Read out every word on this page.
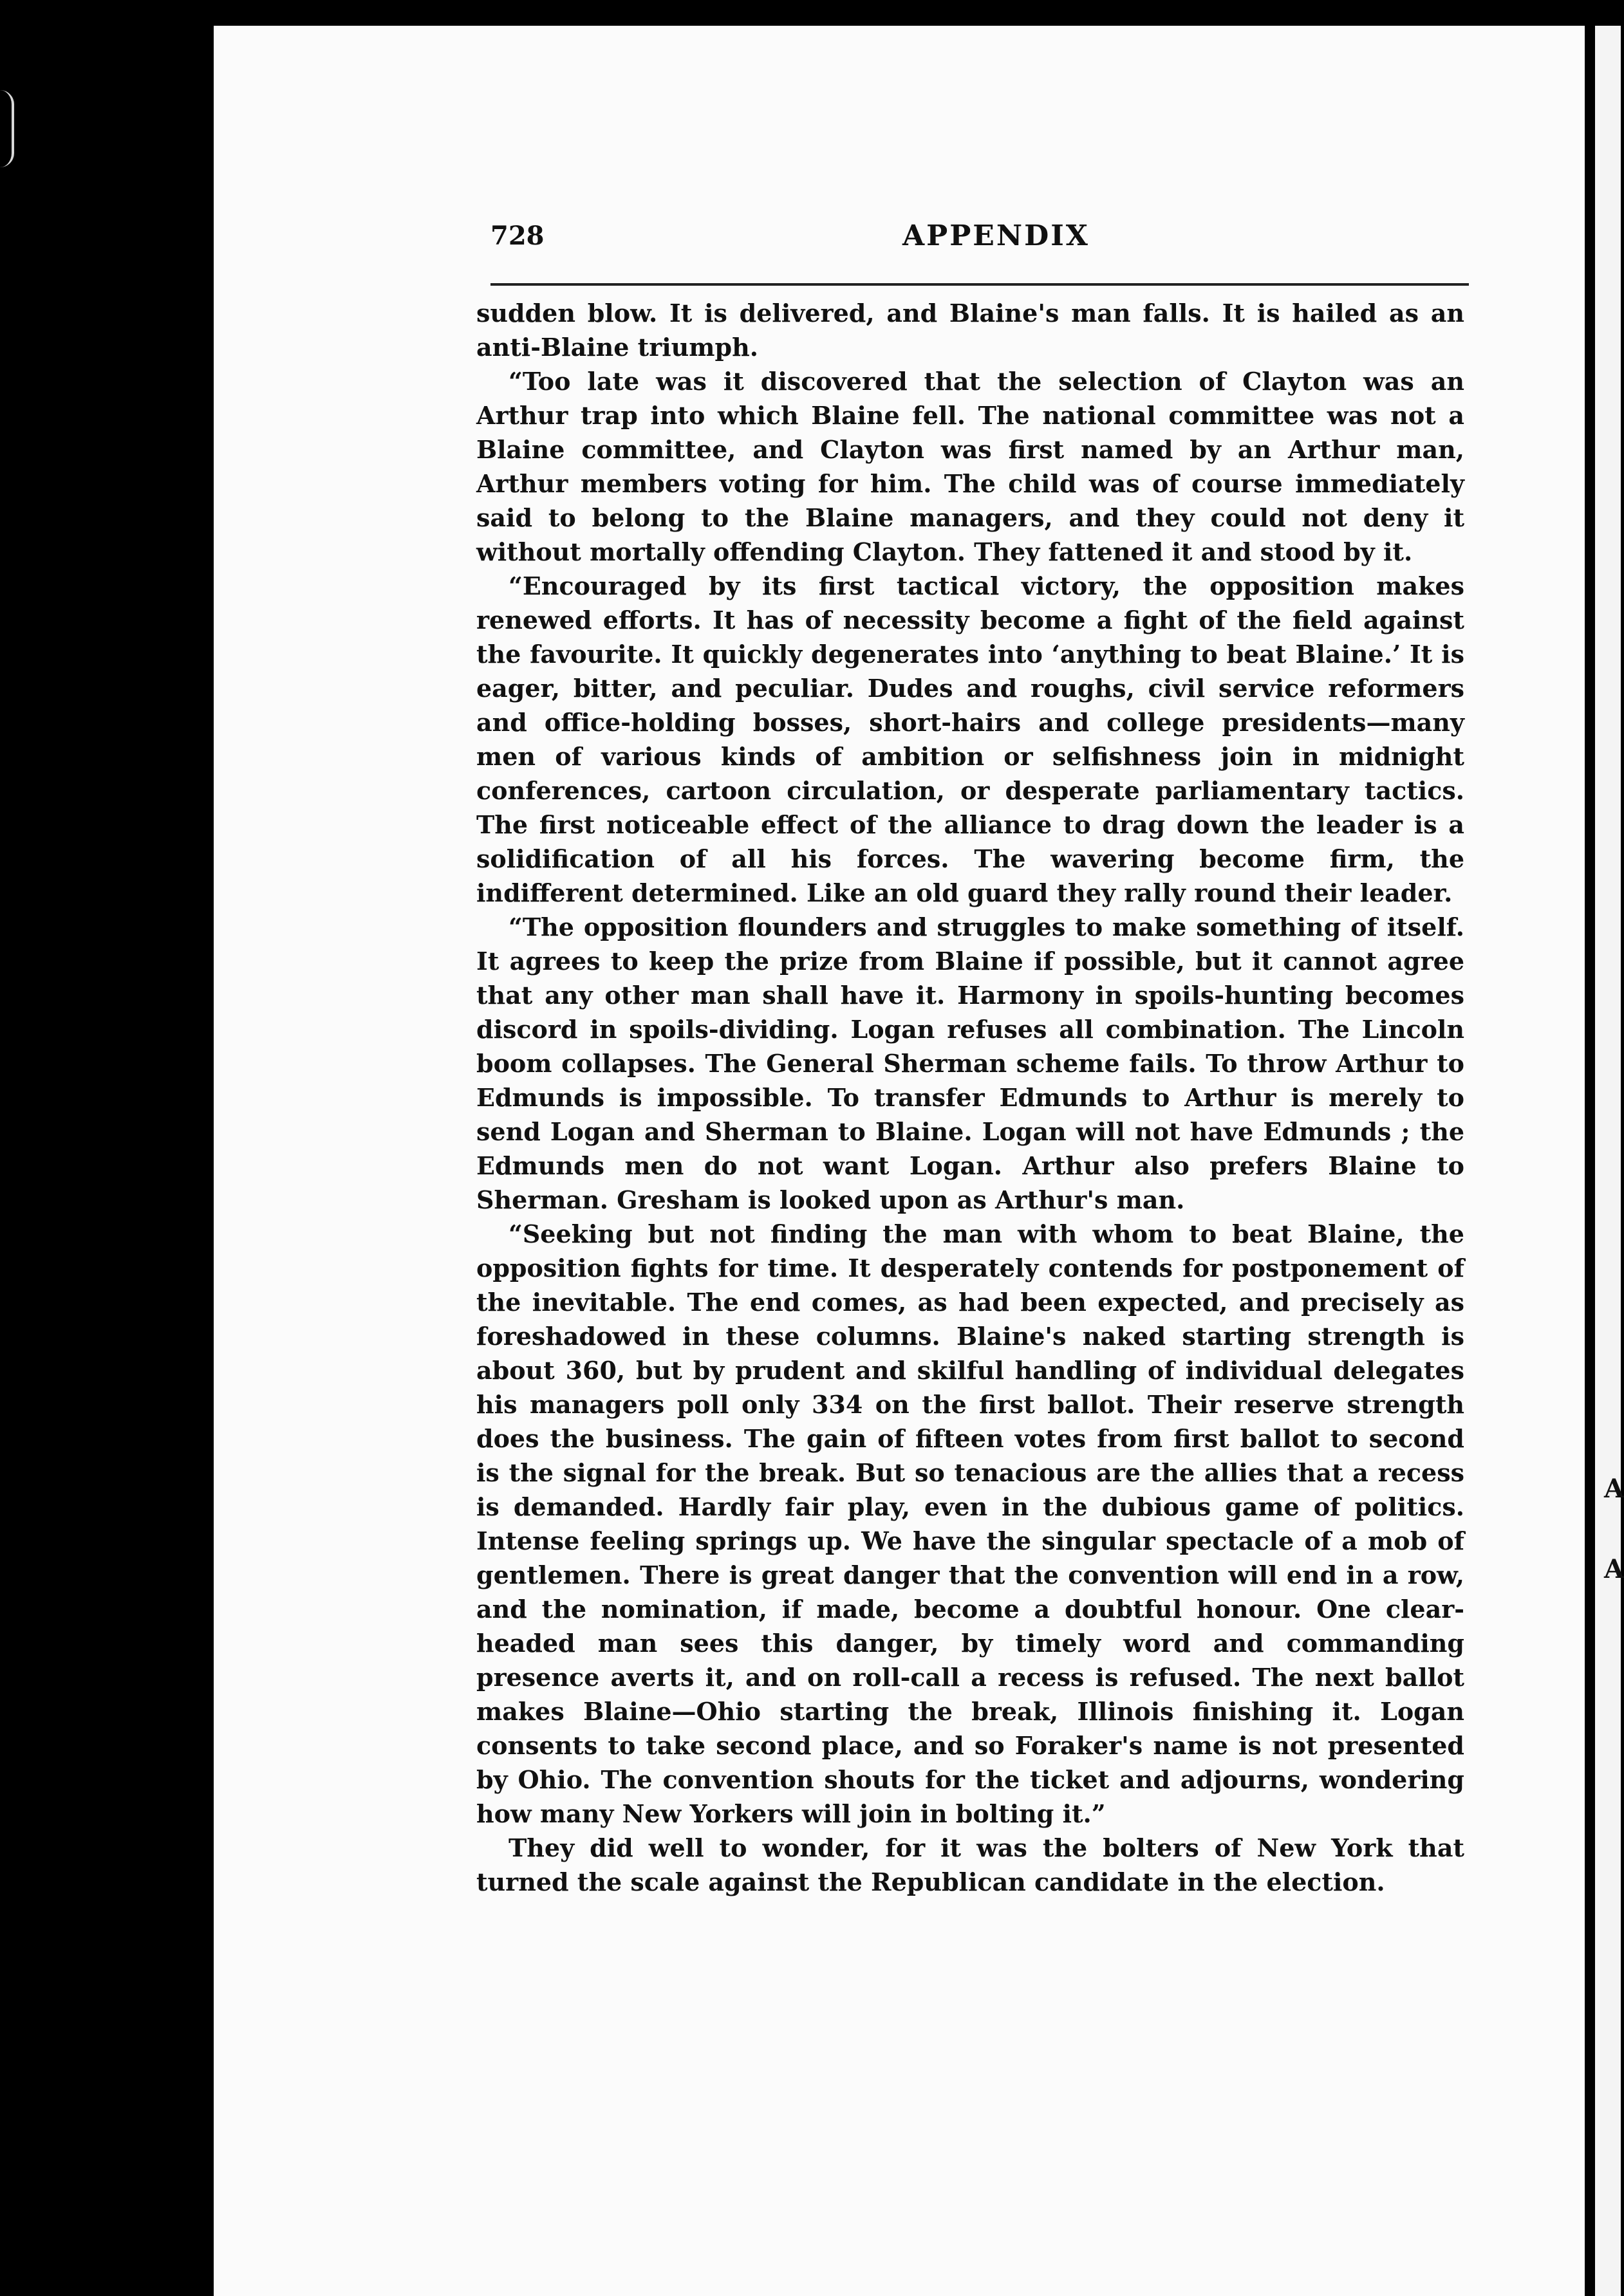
A
A
728	APPENDIX

sudden blow. It is delivered, and Blaine's man falls. It is hailed as an anti-Blaine triumph.

“Too late was it discovered that the selection of Clayton was an Arthur trap into which Blaine fell. The national committee was not a Blaine committee, and Clayton was first named by an Arthur man, Arthur members voting for him. The child was of course immediately said to belong to the Blaine managers, and they could not deny it without mortally offending Clayton. They fattened it and stood by it.

“Encouraged by its first tactical victory, the opposition makes renewed efforts. It has of necessity become a fight of the field against the favourite. It quickly degenerates into ‘anything to beat Blaine.’ It is eager, bitter, and peculiar. Dudes and roughs, civil service reformers and office-holding bosses, short-hairs and college presidents—many men of various kinds of ambition or selfishness join in midnight conferences, cartoon circulation, or desperate parliamentary tactics. The first noticeable effect of the alliance to drag down the leader is a solidification of all his forces. The wavering become firm, the indifferent determined. Like an old guard they rally round their leader.

“The opposition flounders and struggles to make something of itself. It agrees to keep the prize from Blaine if possible, but it cannot agree that any other man shall have it. Harmony in spoils-hunting becomes discord in spoils-dividing. Logan refuses all combination. The Lincoln boom collapses. The General Sherman scheme fails. To throw Arthur to Edmunds is impossible. To transfer Edmunds to Arthur is merely to send Logan and Sherman to Blaine. Logan will not have Edmunds ; the Edmunds men do not want Logan. Arthur also prefers Blaine to Sherman. Gresham is looked upon as Arthur's man.

“Seeking but not finding the man with whom to beat Blaine, the opposition fights for time. It desperately contends for postponement of the inevitable. The end comes, as had been expected, and precisely as foreshadowed in these columns. Blaine's naked starting strength is about 360, but by prudent and skilful handling of individual delegates his managers poll only 334 on the first ballot. Their reserve strength does the business. The gain of fifteen votes from first ballot to second is the signal for the break. But so tenacious are the allies that a recess is demanded. Hardly fair play, even in the dubious game of politics. Intense feeling springs up. We have the singular spectacle of a mob of gentlemen. There is great danger that the convention will end in a row, and the nomination, if made, become a doubtful honour. One clear-headed man sees this danger, by timely word and commanding presence averts it, and on roll-call a recess is refused. The next ballot makes Blaine—Ohio starting the break, Illinois finishing it. Logan consents to take second place, and so Foraker's name is not presented by Ohio. The convention shouts for the ticket and adjourns, wondering how many New Yorkers will join in bolting it.”

They did well to wonder, for it was the bolters of New York that turned the scale against the Republican candidate in the election.
